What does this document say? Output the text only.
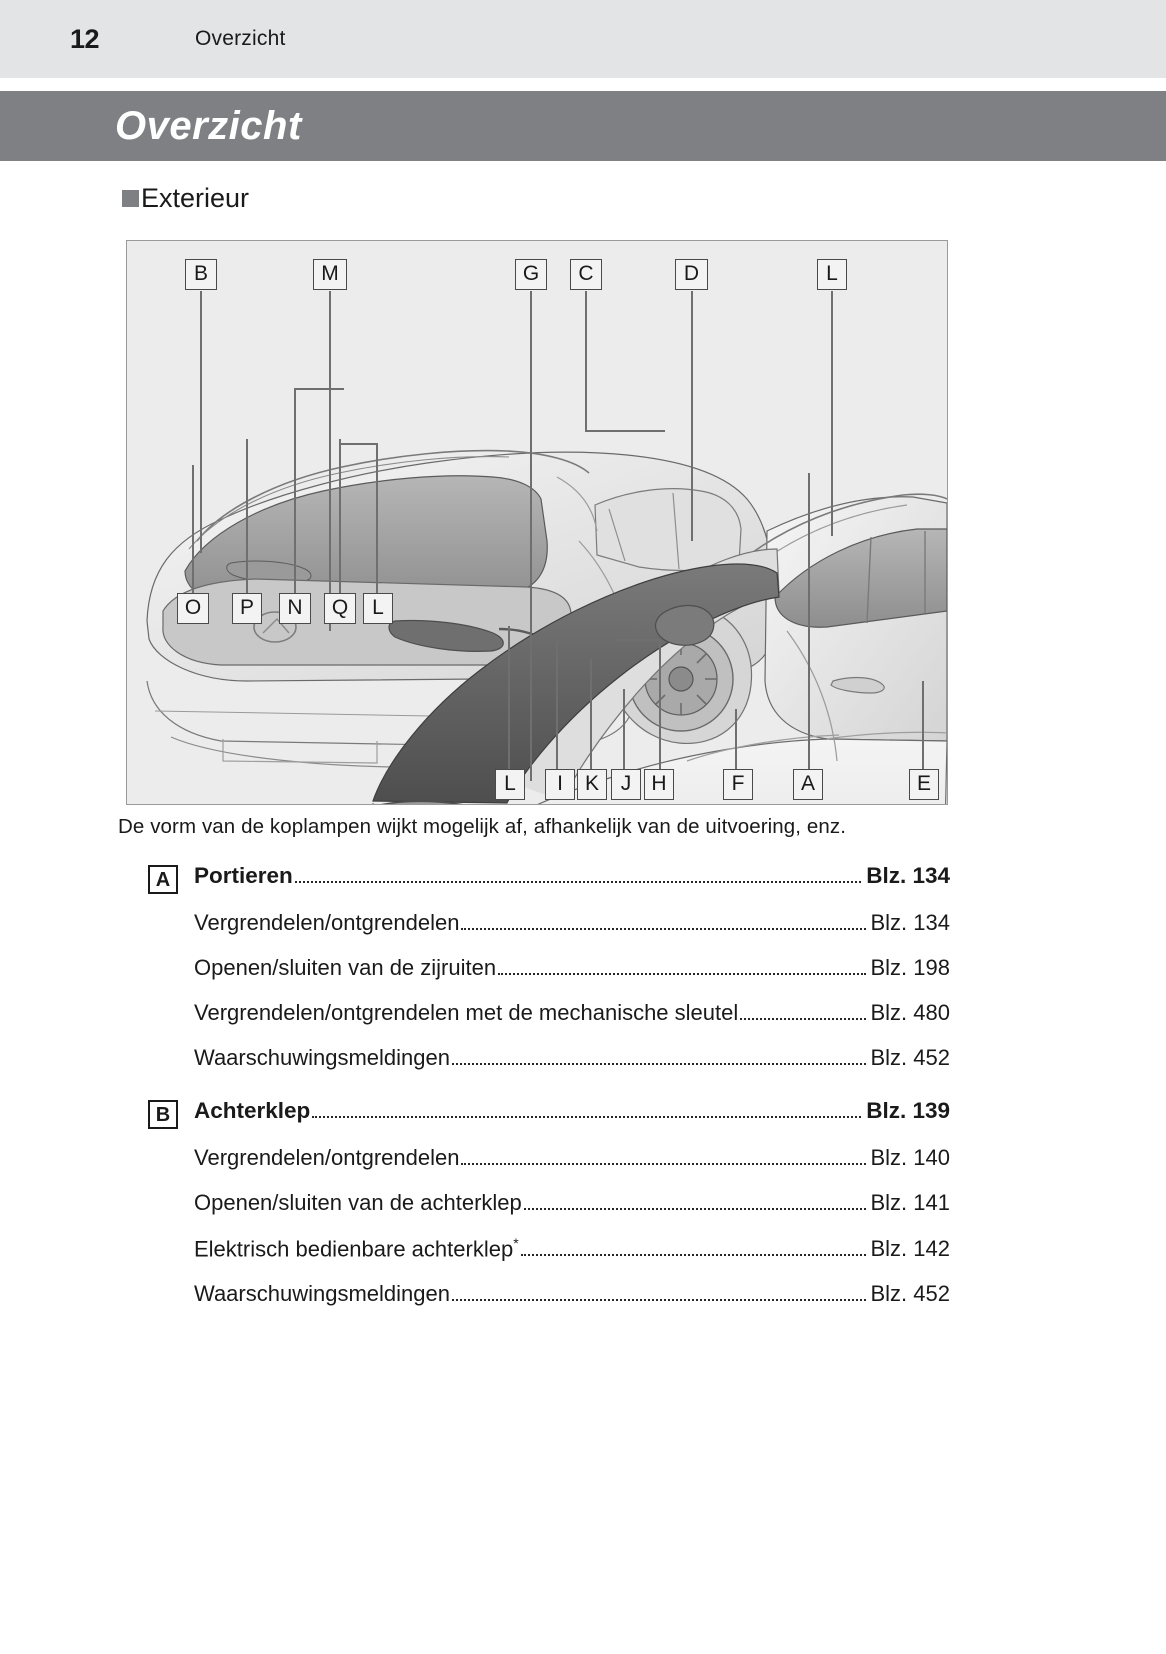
12	Overzicht
Overzicht
Exterieur
B	M	G	C	D	L
O	P	N	Q	L
L	I	K	J H	F	A	E
De vorm van de koplampen wijkt mogelijk af, afhankelijk van de uitvoering, enz.
A	Portieren	Blz. 134
Vergrendelen/ontgrendelen	Blz. 134
Openen/sluiten van de zijruiten	Blz. 198
Vergrendelen/ontgrendelen met de mechanische sleutel	Blz. 480
Waarschuwingsmeldingen	Blz. 452
B	Achterklep	Blz. 139
Vergrendelen/ontgrendelen	Blz. 140
Openen/sluiten van de achterklep	Blz. 141
Elektrisch bedienbare achterklep*	Blz. 142
Waarschuwingsmeldingen	Blz. 452
